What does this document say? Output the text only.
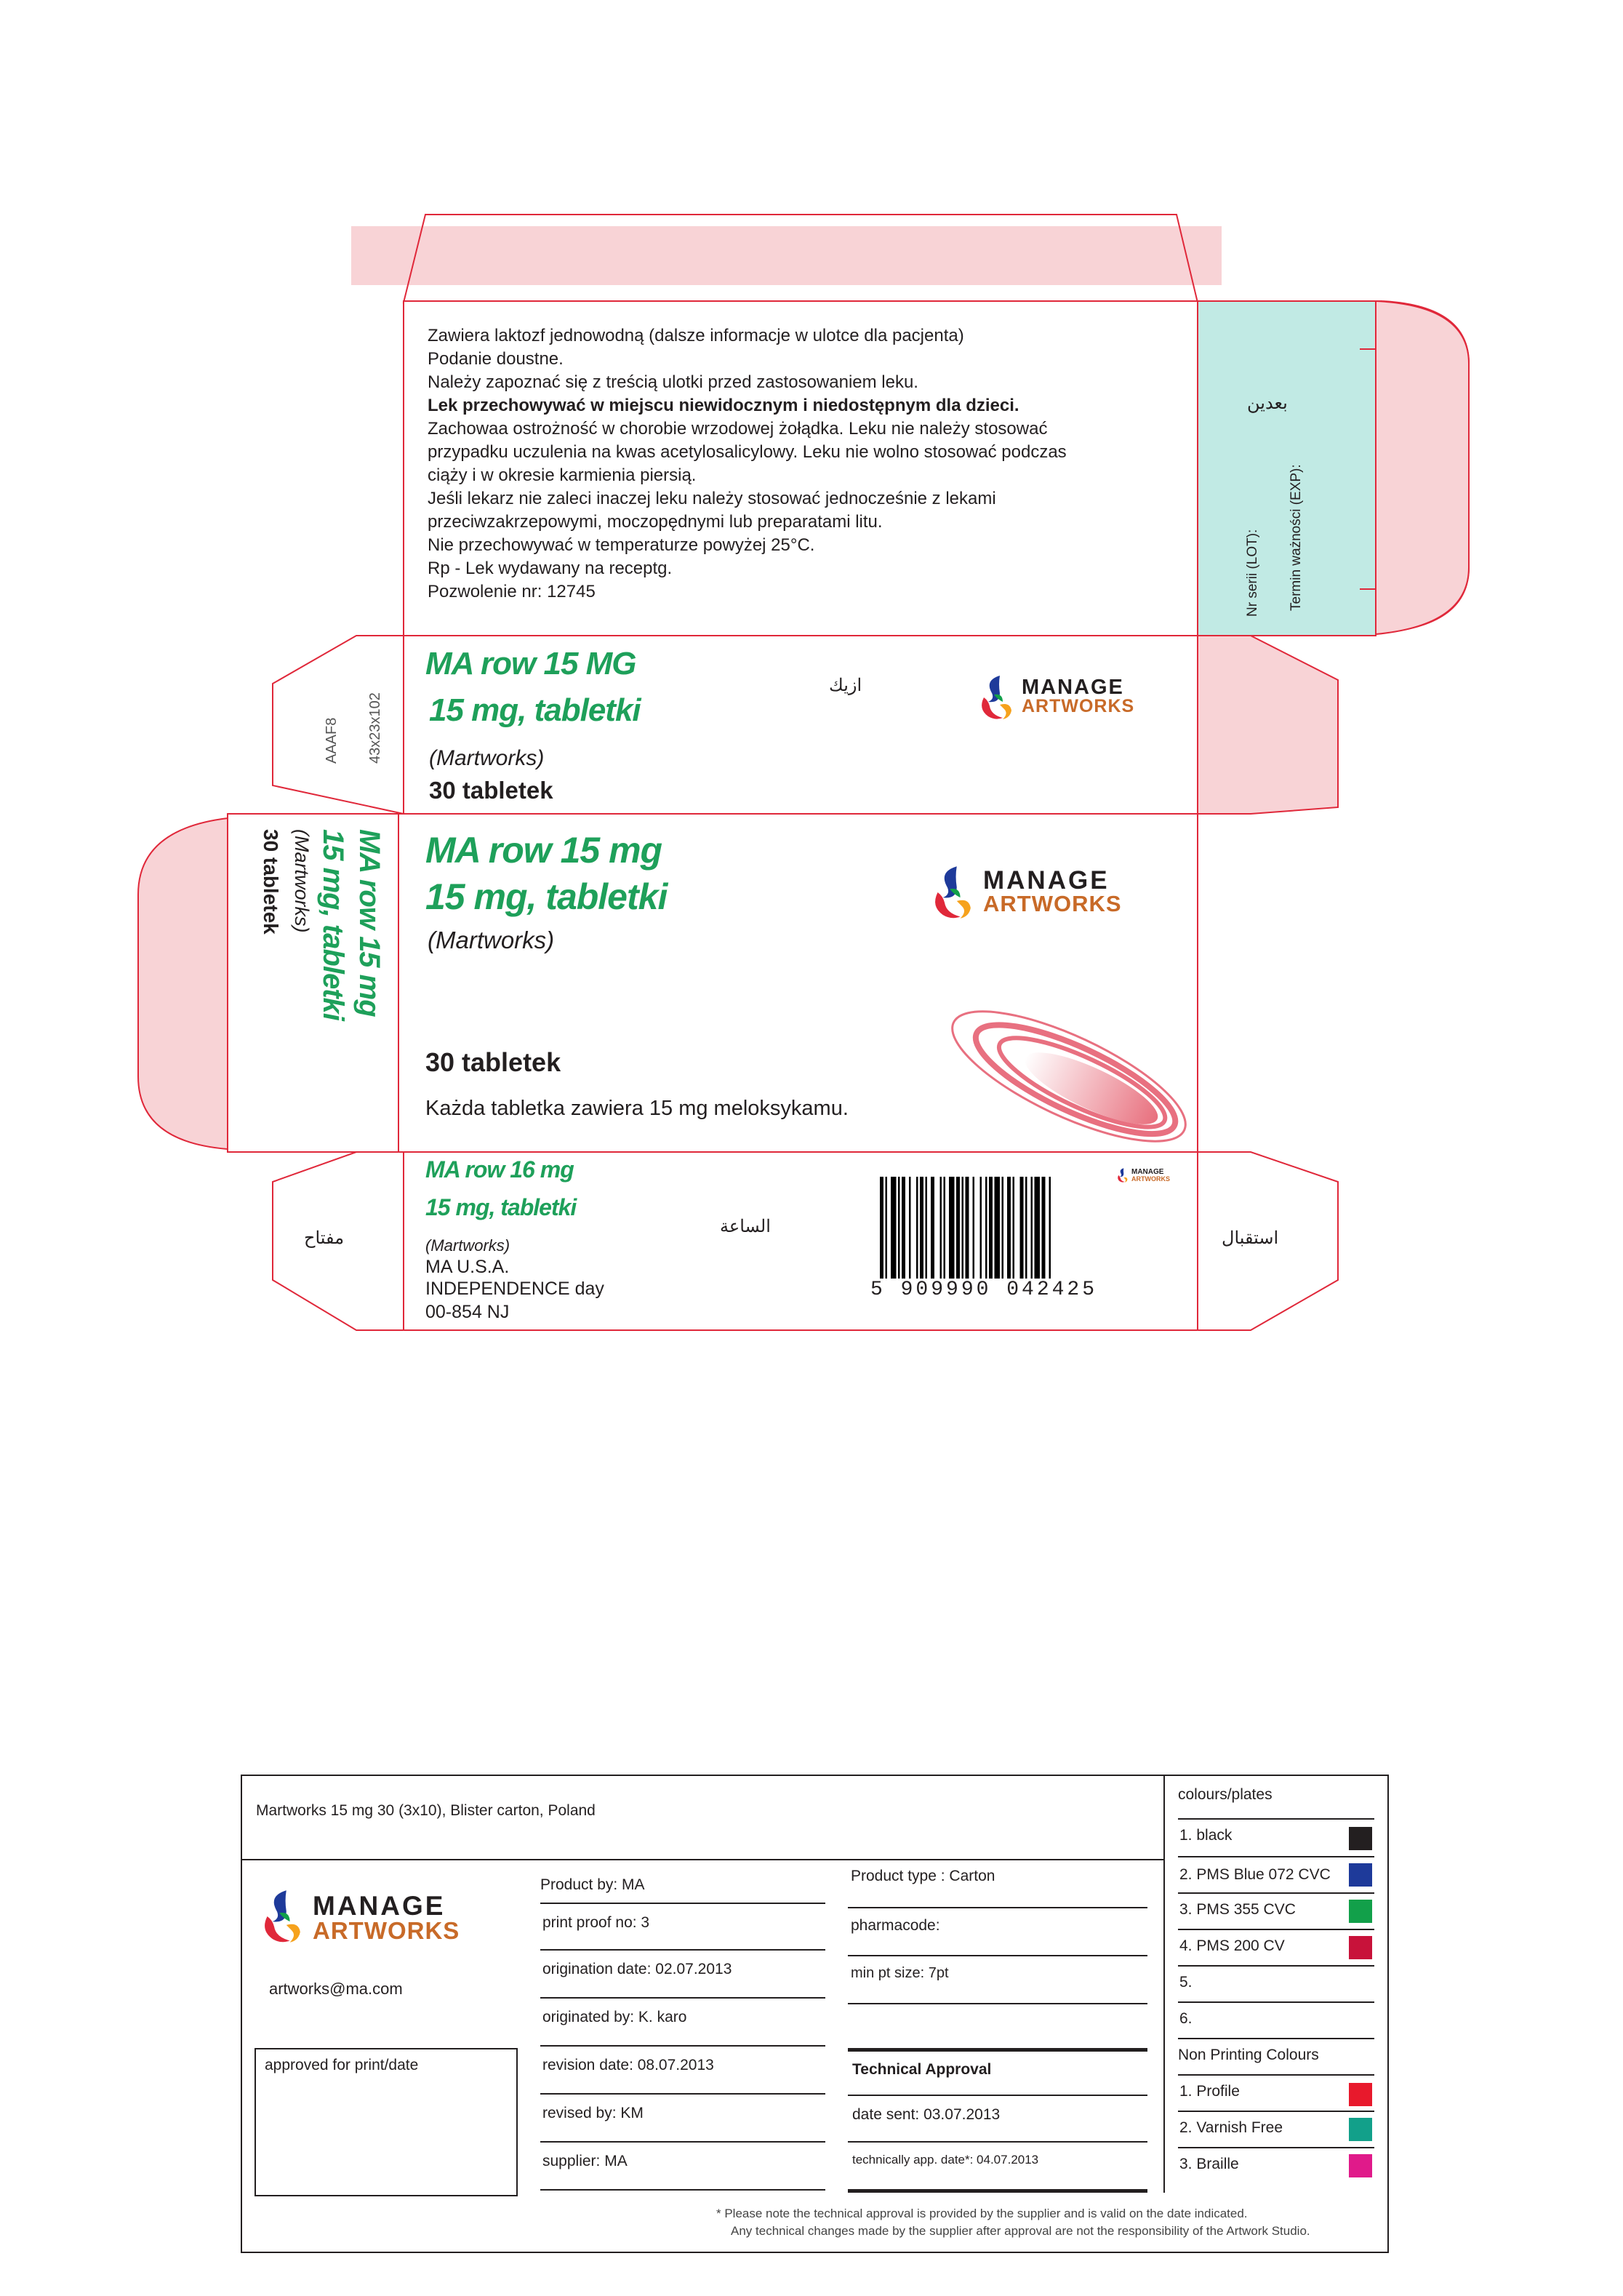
Zawiera laktozf jednowodną (dalsze informacje w ulotce dla pacjenta)
Podanie doustne.
Należy zapoznać się z treścią ulotki przed zastosowaniem leku.
Lek przechowywać w miejscu niewidocznym i niedostępnym dla dzieci.
Zachowaa ostrożność w chorobie wrzodowej żołądka. Leku nie należy stosować
przypadku uczulenia na kwas acetylosalicylowy. Leku nie wolno stosować podczas
ciąży i w okresie karmienia piersią.
Jeśli lekarz nie zaleci inaczej leku należy stosować jednocześnie z lekami
przeciwzakrzepowymi, moczopędnymi lub preparatami litu.
Nie przechowywać w temperaturze powyżej 25°C.
Rp - Lek wydawany na receptg.
Pozwolenie nr: 12745
بعدين
Nr serii (LOT): Termin ważności (EXP):
MA row 15 MG
15 mg, tabletki
(Martworks)
30 tabletek
ازيك
AAAF8 43x23x102
MANAGE
ARTWORKS
MA row 15 mg
15 mg, tabletki
(Martworks)
30 tabletek
Każda tabletka zawiera 15 mg meloksykamu.
MANAGE
ARTWORKS
MA row 15 mg
15 mg, tabletki
(Martworks)
30 tabletek
MA row 16 mg
15 mg, tabletki
(Martworks)
MA U.S.A.
INDEPENDENCE day
00-854 NJ
الساعة
مفتاح	استقبال
5 909990 042425
MANAGE
ARTWORKS
Martworks 15 mg 30 (3x10), Blister carton, Poland
MANAGE
ARTWORKS
artworks@ma.com
approved for print/date
Product by: MA
print proof no: 3
origination date: 02.07.2013
originated by: K. karo
revision date: 08.07.2013
revised by: KM
supplier: MA
Product type : Carton
pharmacode:
min pt size: 7pt
Technical Approval
date sent: 03.07.2013
technically app. date*: 04.07.2013
colours/plates
1. black
2. PMS Blue 072 CVC
3. PMS 355 CVC
4. PMS 200 CV
5.
6.
Non Printing Colours
1. Profile
2. Varnish Free
3. Braille
* Please note the technical approval is provided by the supplier and is valid on the date indicated.
Any technical changes made by the supplier after approval are not the responsibility of the Artwork Studio.
